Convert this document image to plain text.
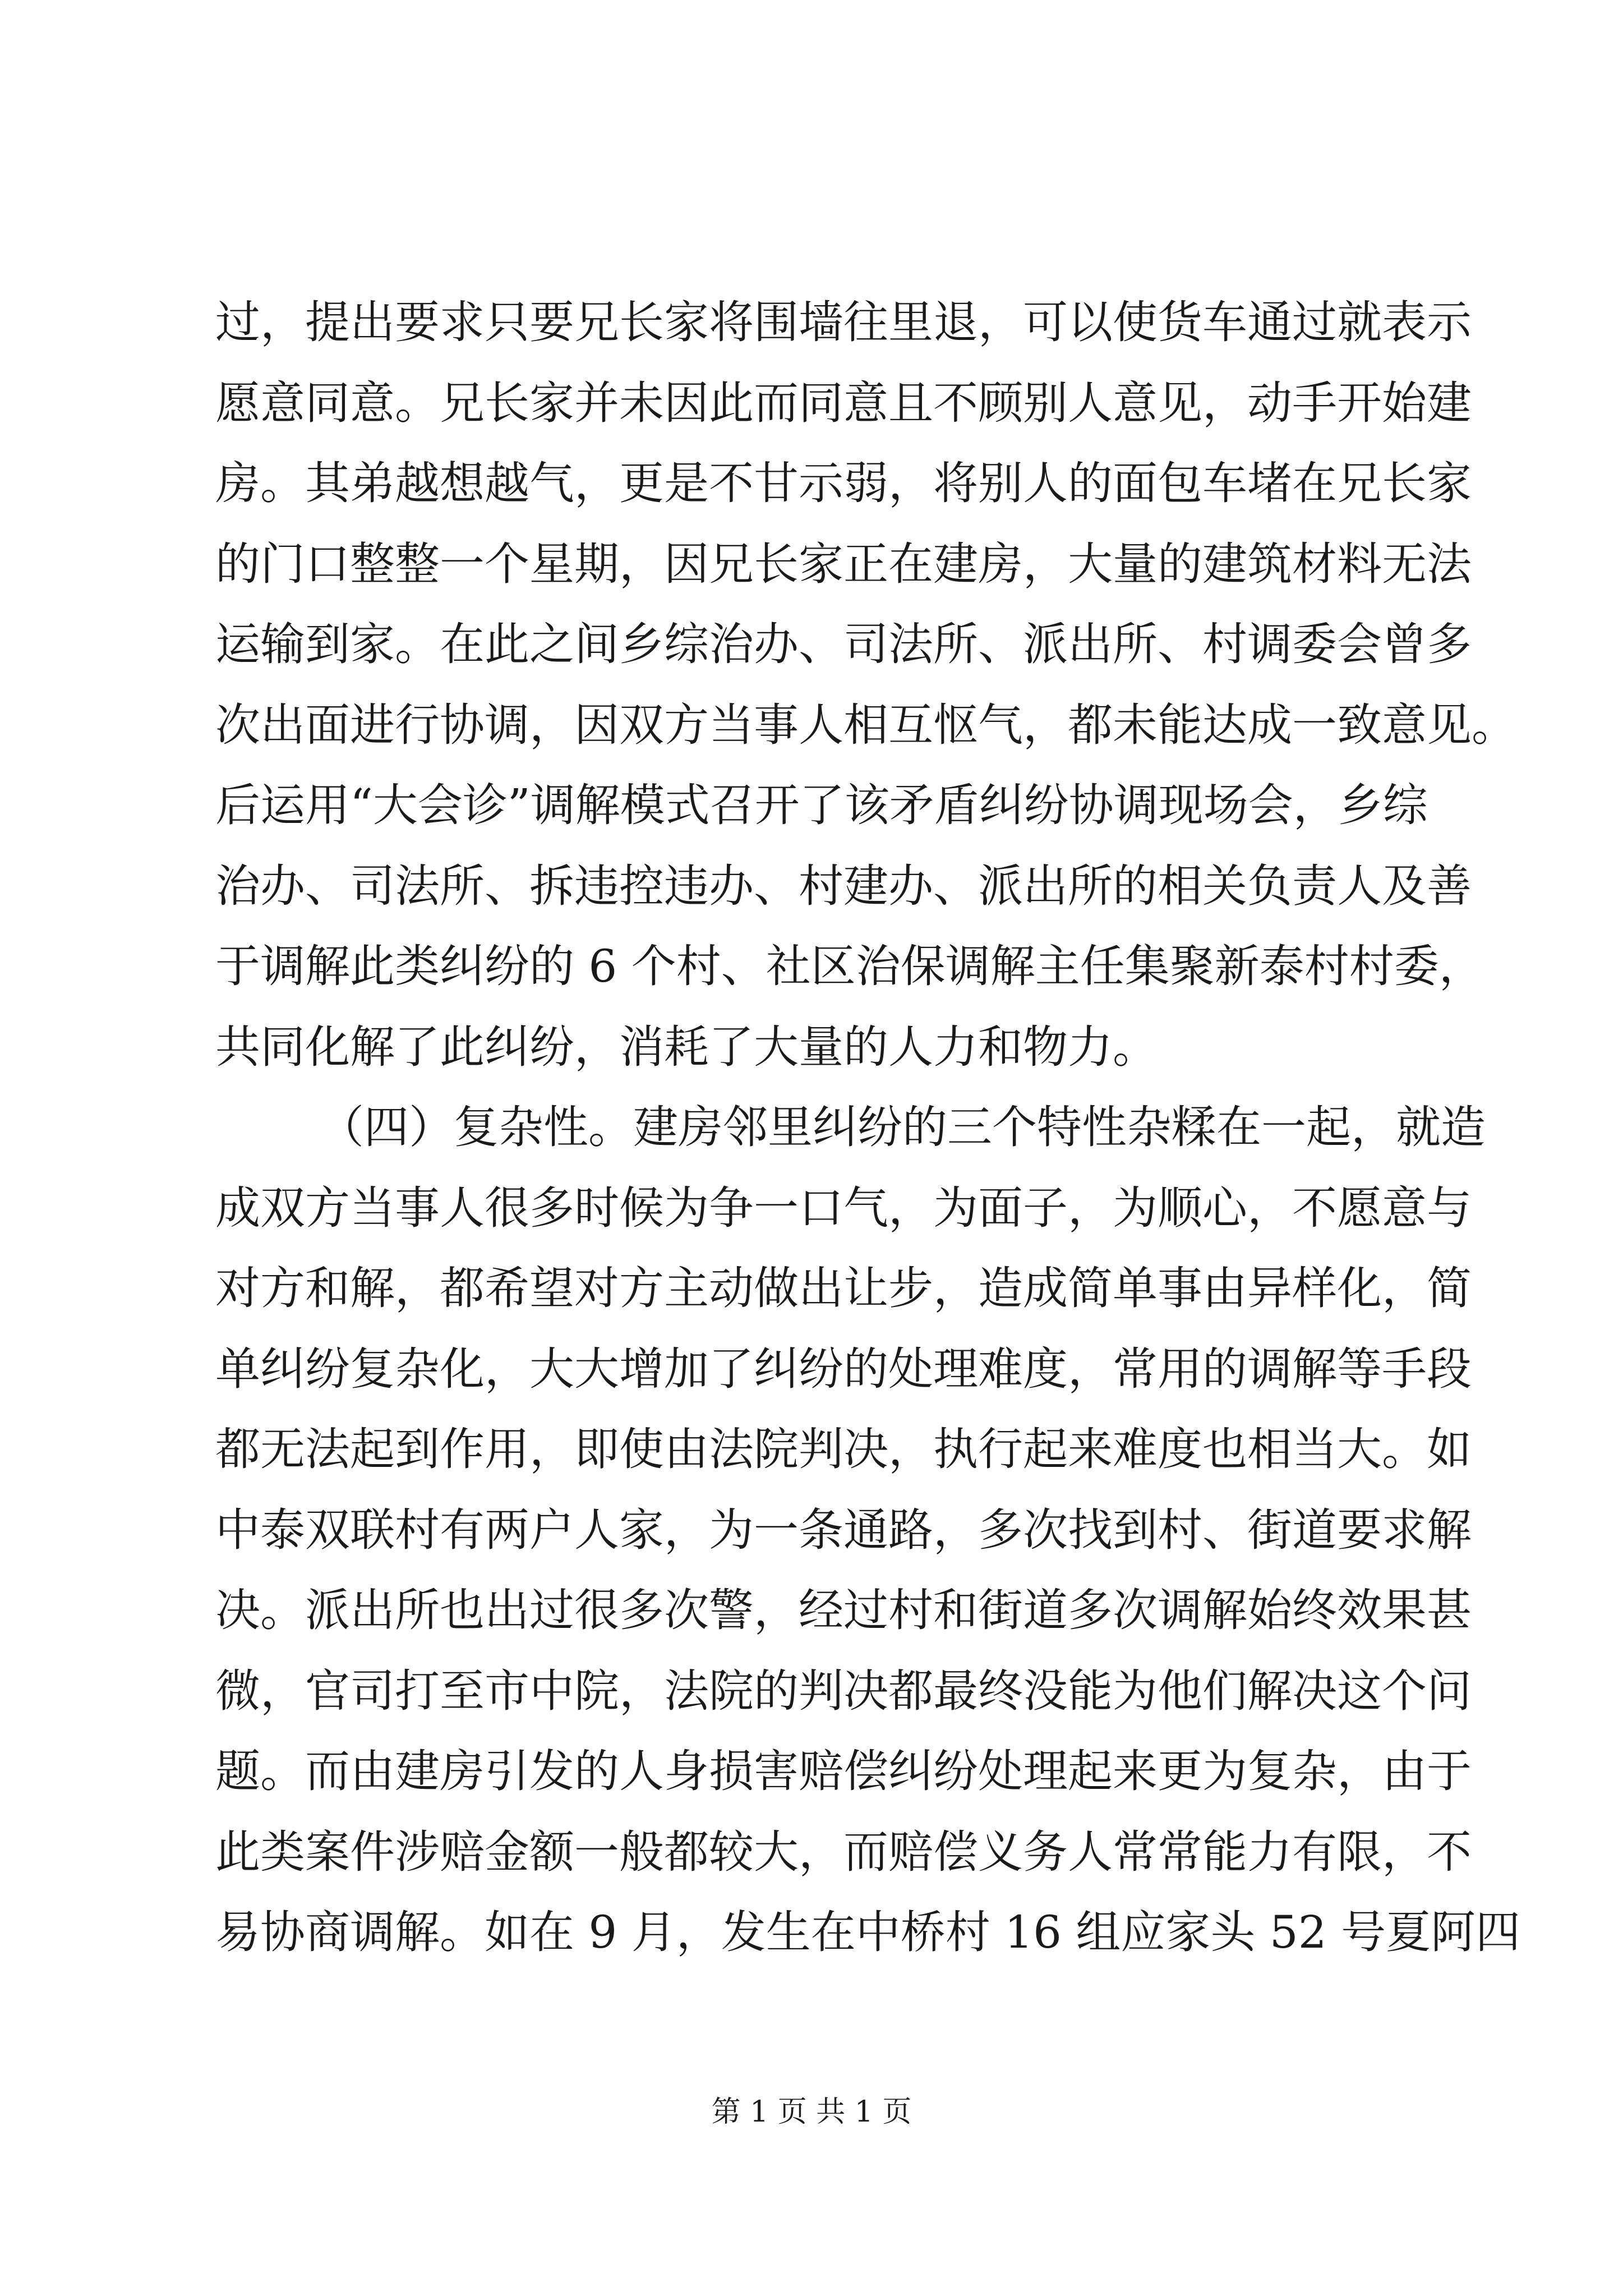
过，提出要求只要兄长家将围墙往里退，可以使货车通过就表示
愿意同意。兄长家并未因此而同意且不顾别人意见，动手开始建
房。其弟越想越气，更是不甘示弱，将别人的面包车堵在兄长家
的门口整整一个星期，因兄长家正在建房，大量的建筑材料无法
运输到家。在此之间乡综治办、司法所、派出所、村调委会曾多
次出面进行协调，因双方当事人相互怄气，都未能达成一致意见。
后运用“大会诊”调解模式召开了该矛盾纠纷协调现场会，乡综
治办、司法所、拆违控违办、村建办、派出所的相关负责人及善
于调解此类纠纷的 6 个村、社区治保调解主任集聚新泰村村委，
共同化解了此纠纷，消耗了大量的人力和物力。
（四）复杂性。建房邻里纠纷的三个特性杂糅在一起，就造
成双方当事人很多时候为争一口气，为面子，为顺心，不愿意与
对方和解，都希望对方主动做出让步，造成简单事由异样化，简
单纠纷复杂化，大大增加了纠纷的处理难度，常用的调解等手段
都无法起到作用，即使由法院判决，执行起来难度也相当大。如
中泰双联村有两户人家，为一条通路，多次找到村、街道要求解
决。派出所也出过很多次警，经过村和街道多次调解始终效果甚
微，官司打至市中院，法院的判决都最终没能为他们解决这个问
题。而由建房引发的人身损害赔偿纠纷处理起来更为复杂，由于
此类案件涉赔金额一般都较大，而赔偿义务人常常能力有限，不
易协商调解。如在 9 月，发生在中桥村 16 组应家头 52 号夏阿四
第 1 页 共 1 页
